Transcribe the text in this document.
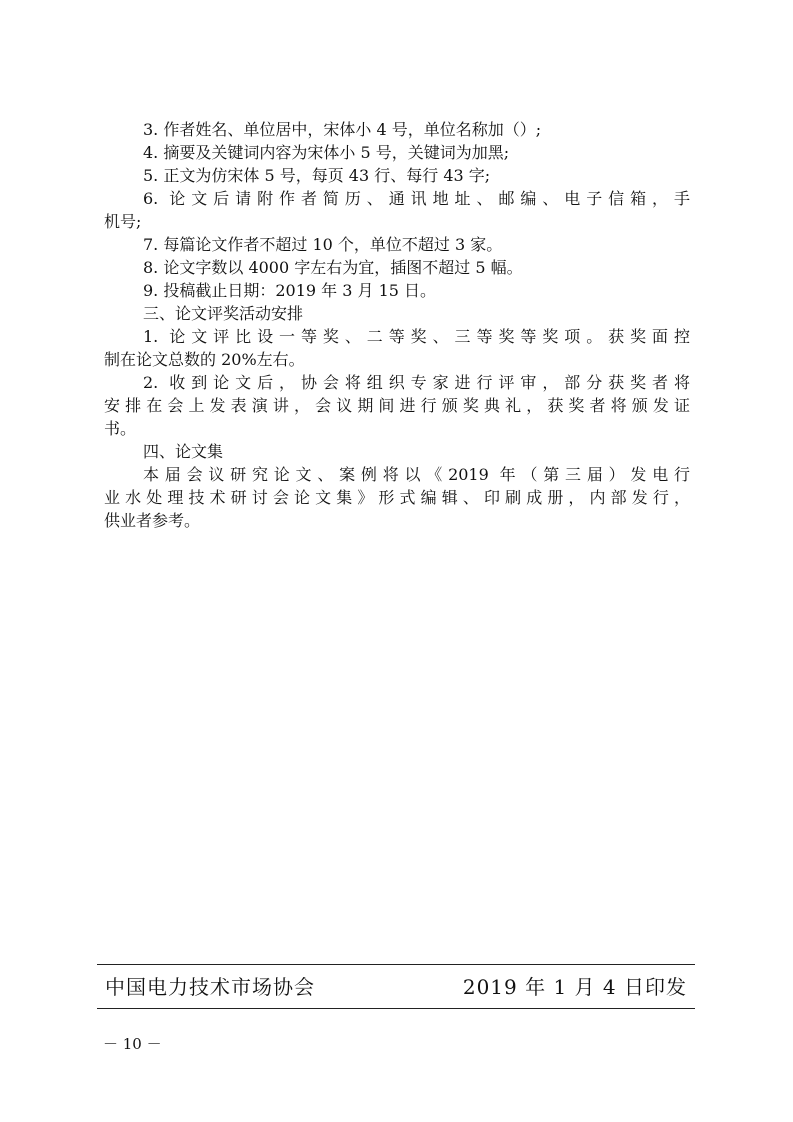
3. 作者姓名、单位居中，宋体小 4 号，单位名称加（）;
4. 摘要及关键词内容为宋体小 5 号，关键词为加黑;
5. 正文为仿宋体 5 号，每页 43 行、每行 43 字;
6. 论文后请附作者简历、通讯地址、邮编、电子信箱，手
机号;
7. 每篇论文作者不超过 10 个，单位不超过 3 家。
8. 论文字数以 4000 字左右为宜，插图不超过 5 幅。
9. 投稿截止日期：2019 年 3 月 15 日。
三、论文评奖活动安排
1. 论文评比设一等奖、二等奖、三等奖等奖项。获奖面控
制在论文总数的 20%左右。
2. 收到论文后，协会将组织专家进行评审，部分获奖者将
安排在会上发表演讲，会议期间进行颁奖典礼，获奖者将颁发证
书。
四、论文集
本届会议研究论文、案例将以《2019 年（第三届）发电行
业水处理技术研讨会论文集》形式编辑、印刷成册，内部发行，
供业者参考。
中国电力技术市场协会	2019 年 1 月 4 日印发
－ 10 －
